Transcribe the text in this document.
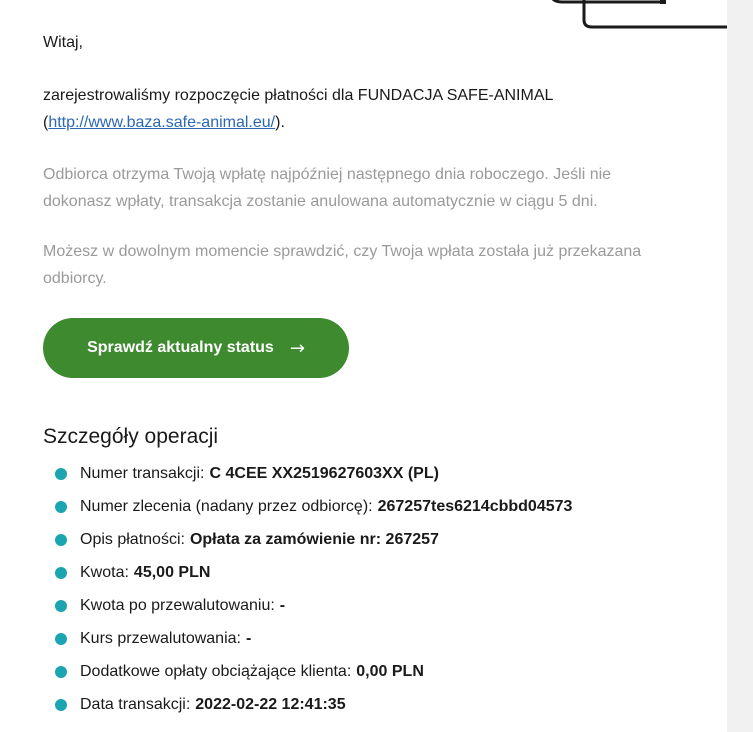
Witaj,
zarejestrowaliśmy rozpoczęcie płatności dla FUNDACJA SAFE-ANIMAL
(http://www.baza.safe-animal.eu/).
Odbiorca otrzyma Twoją wpłatę najpóźniej następnego dnia roboczego. Jeśli nie dokonasz wpłaty, transakcja zostanie anulowana automatycznie w ciągu 5 dni.
Możesz w dowolnym momencie sprawdzić, czy Twoja wpłata została już przekazana odbiorcy.
Sprawdź aktualny status →
Szczegóły operacji
Numer transakcji: C 4CEE XX2519627603XX (PL)
Numer zlecenia (nadany przez odbiorcę): 267257tes6214cbbd04573
Opis płatności: Opłata za zamówienie nr: 267257
Kwota: 45,00 PLN
Kwota po przewalutowaniu: -
Kurs przewalutowania: -
Dodatkowe opłaty obciążające klienta: 0,00 PLN
Data transakcji: 2022-02-22 12:41:35
